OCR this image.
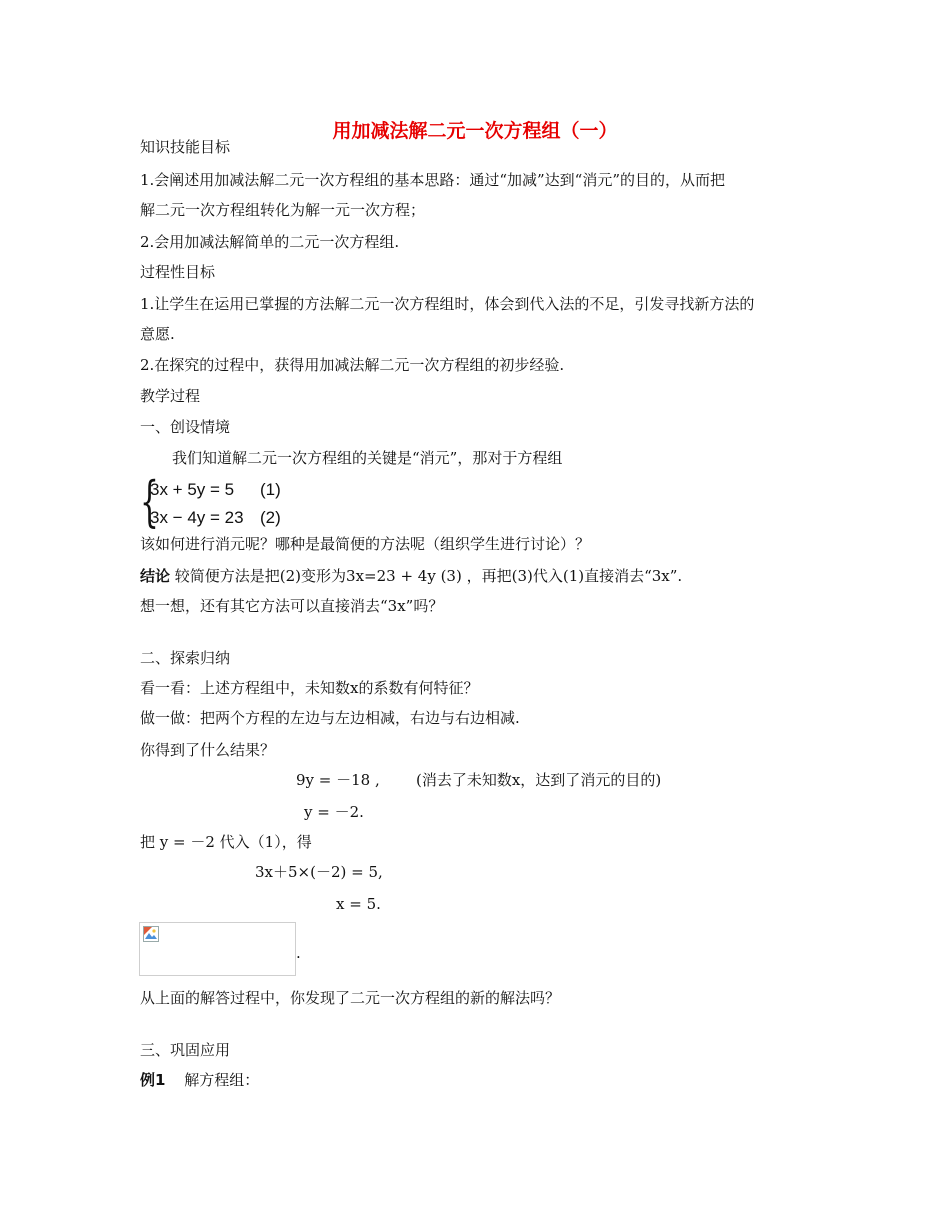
用加减法解二元一次方程组（一）
知识技能目标
1.会阐述用加减法解二元一次方程组的基本思路：通过“加减”达到“消元”的目的，从而把
解二元一次方程组转化为解一元一次方程；
2.会用加减法解简单的二元一次方程组.
过程性目标
1.让学生在运用已掌握的方法解二元一次方程组时，体会到代入法的不足，引发寻找新方法的
意愿.
2.在探究的过程中，获得用加减法解二元一次方程组的初步经验.
教学过程
一、创设情境
我们知道解二元一次方程组的关键是“消元”，那对于方程组
{
3x + 5y = 5 (1)
3x − 4y = 23 (2)
该如何进行消元呢？哪种是最简便的方法呢（组织学生进行讨论）？
结论 较简便方法是把(2)变形为3x=23 + 4y (3) ，再把(3)代入(1)直接消去“3x”.
想一想，还有其它方法可以直接消去“3x”吗？
二、探索归纳
看一看：上述方程组中，未知数x的系数有何特征？
做一做：把两个方程的左边与左边相减，右边与右边相减.
你得到了什么结果？
9y = －18 , (消去了未知数x，达到了消元的目的)
y = －2.
把 y = －2 代入（1），得
3x＋5×(－2) = 5,
x = 5.
.
从上面的解答过程中，你发现了二元一次方程组的新的解法吗？
三、巩固应用
例1 解方程组：
